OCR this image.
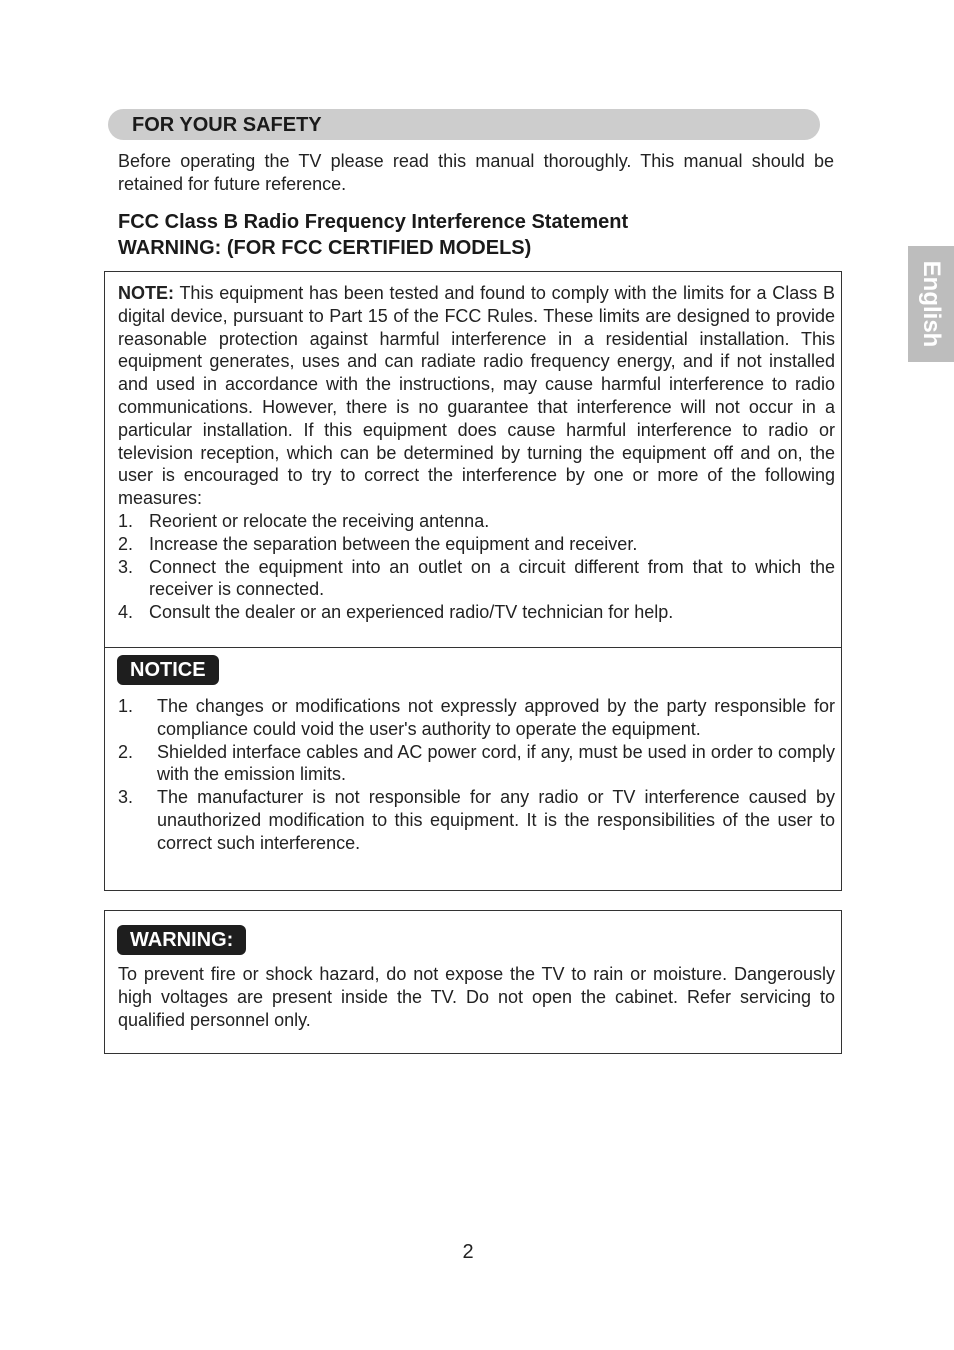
FOR YOUR SAFETY

Before operating the TV please read this manual thoroughly. This manual should be retained for future reference.

FCC Class B Radio Frequency Interference Statement
WARNING: (FOR FCC CERTIFIED MODELS)
NOTE: This equipment has been tested and found to comply with the limits for a Class B digital device, pursuant to Part 15 of the FCC Rules. These limits are designed to provide reasonable protection against harmful interference in a residential installation. This equipment generates, uses and can radiate radio frequency energy, and if not installed and used in accordance with the instructions, may cause harmful interference to radio communications. However, there is no guarantee that interference will not occur in a particular installation. If this equipment does cause harmful interference to radio or television reception, which can be determined by turning the equipment off and on, the user is encouraged to try to correct the interference by one or more of the following measures:
1. Reorient or relocate the receiving antenna.
2. Increase the separation between the equipment and receiver.
3. Connect the equipment into an outlet on a circuit different from that to which the receiver is connected.
4. Consult the dealer or an experienced radio/TV technician for help.
NOTICE
1. The changes or modifications not expressly approved by the party responsible for compliance could void the user's authority to operate the equipment.
2. Shielded interface cables and AC power cord, if any, must be used in order to comply with the emission limits.
3. The manufacturer is not responsible for any radio or TV interference caused by unauthorized modification to this equipment. It is the responsibilities of the user to correct such interference.
WARNING:

To prevent fire or shock hazard, do not expose the TV to rain or moisture. Dangerously high voltages are present inside the TV. Do not open the cabinet. Refer servicing to qualified personnel only.

English
2
